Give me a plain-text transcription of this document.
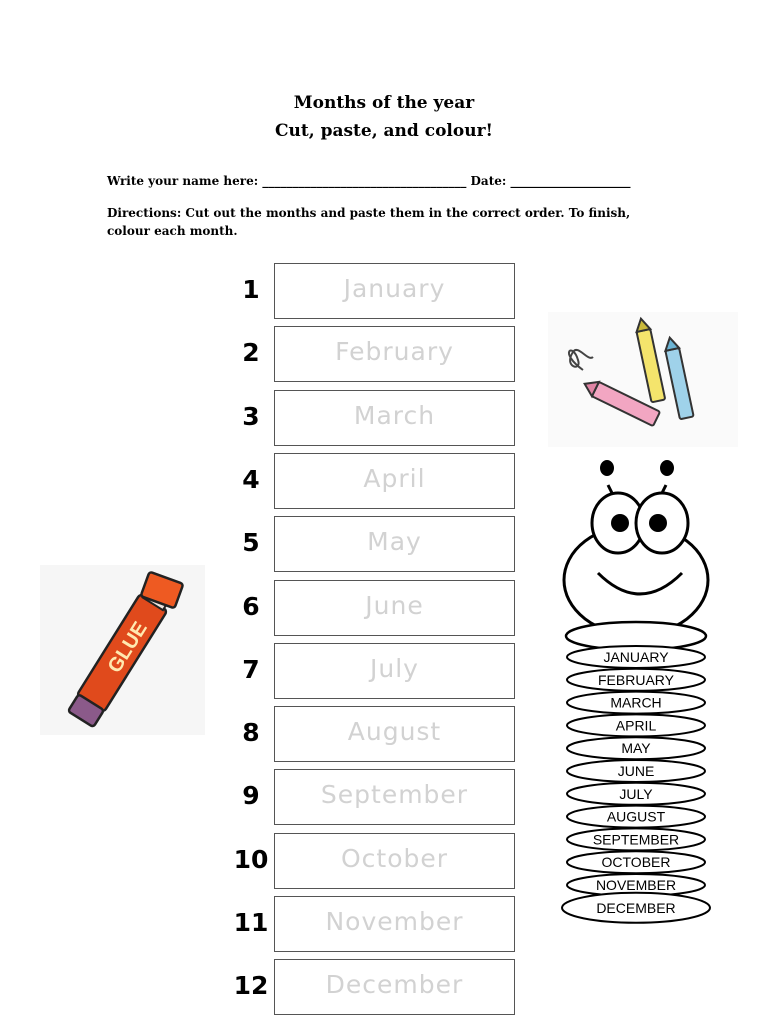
Months of the year
Cut, paste, and colour!
Write your name here: __________________________________ Date: ____________________
Directions: Cut out the months and paste them in the correct order. To finish, colour each month.
1	January
2	February
3	March
4	April
5	May
6	June
7	July
8	August
9	September
10	October
11	November
12	December
GLUE	JANUARY
FEBRUARY
MARCH
APRIL
MAY
JUNE
JULY
AUGUST
SEPTEMBER
OCTOBER
NOVEMBER
DECEMBER
